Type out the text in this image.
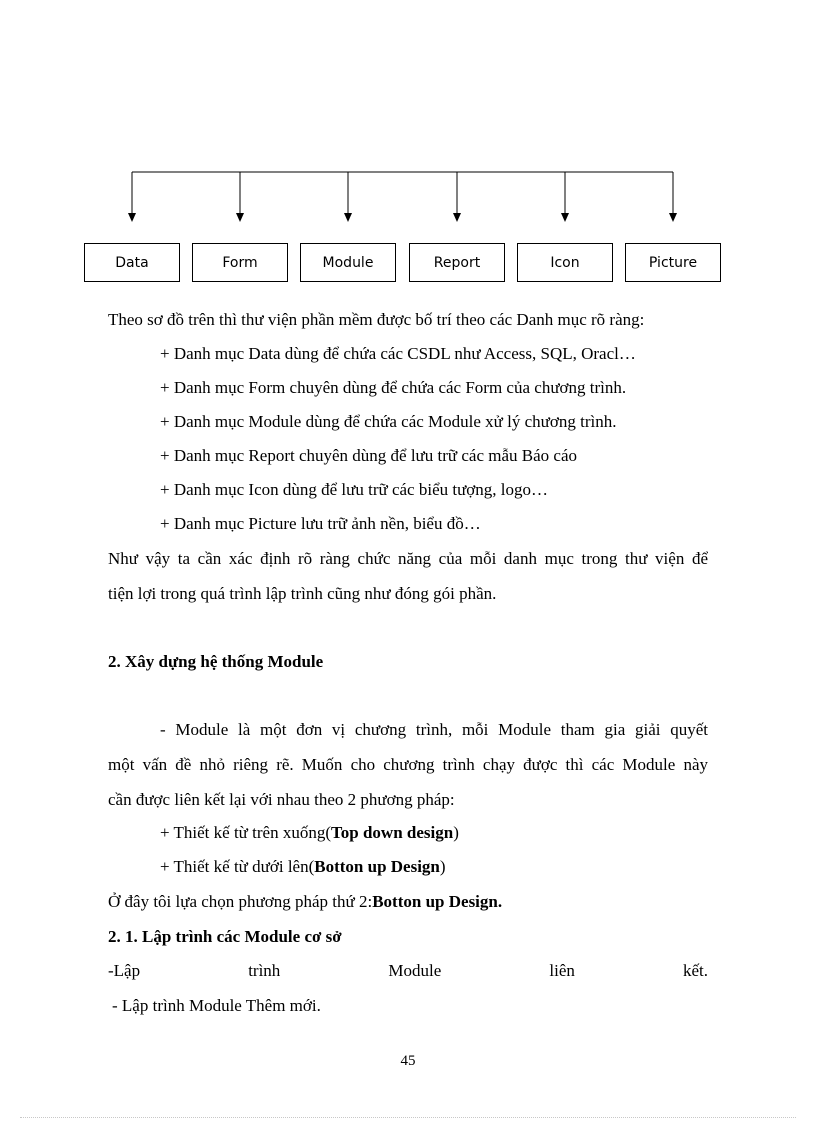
Data	Form	Module	Report	Icon	Picture
Theo sơ đồ trên thì thư viện phần mềm được bố trí theo các Danh mục rõ ràng:
+ Danh mục Data dùng để chứa các CSDL như Access, SQL, Oracl…
+ Danh mục Form chuyên dùng để chứa các Form của chương trình.
+ Danh mục Module dùng để chứa các Module xử lý chương trình.
+ Danh mục Report chuyên dùng để lưu trữ các mẫu Báo cáo
+ Danh mục Icon dùng để lưu trữ các biểu tượng, logo…
+ Danh mục Picture lưu trữ ảnh nền, biểu đồ…
Như vậy ta cần xác định rõ ràng chức năng của mỗi danh mục trong thư viện để
tiện lợi trong quá trình lập trình cũng như đóng gói phần.
2. Xây dựng hệ thống Module
- Module là một đơn vị chương trình, mỗi Module tham gia giải quyết
một vấn đề nhỏ riêng rẽ. Muốn cho chương trình chạy được thì các Module này
cần được liên kết lại với nhau theo 2 phương pháp:
+ Thiết kế từ trên xuống(Top down design)
+ Thiết kế từ dưới lên(Botton up Design)
Ở đây tôi lựa chọn phương pháp thứ 2:Botton up Design.
2. 1. Lập trình các Module cơ sở
-Lập	trình	Module	liên	kết.
- Lập trình Module Thêm mới.
45
